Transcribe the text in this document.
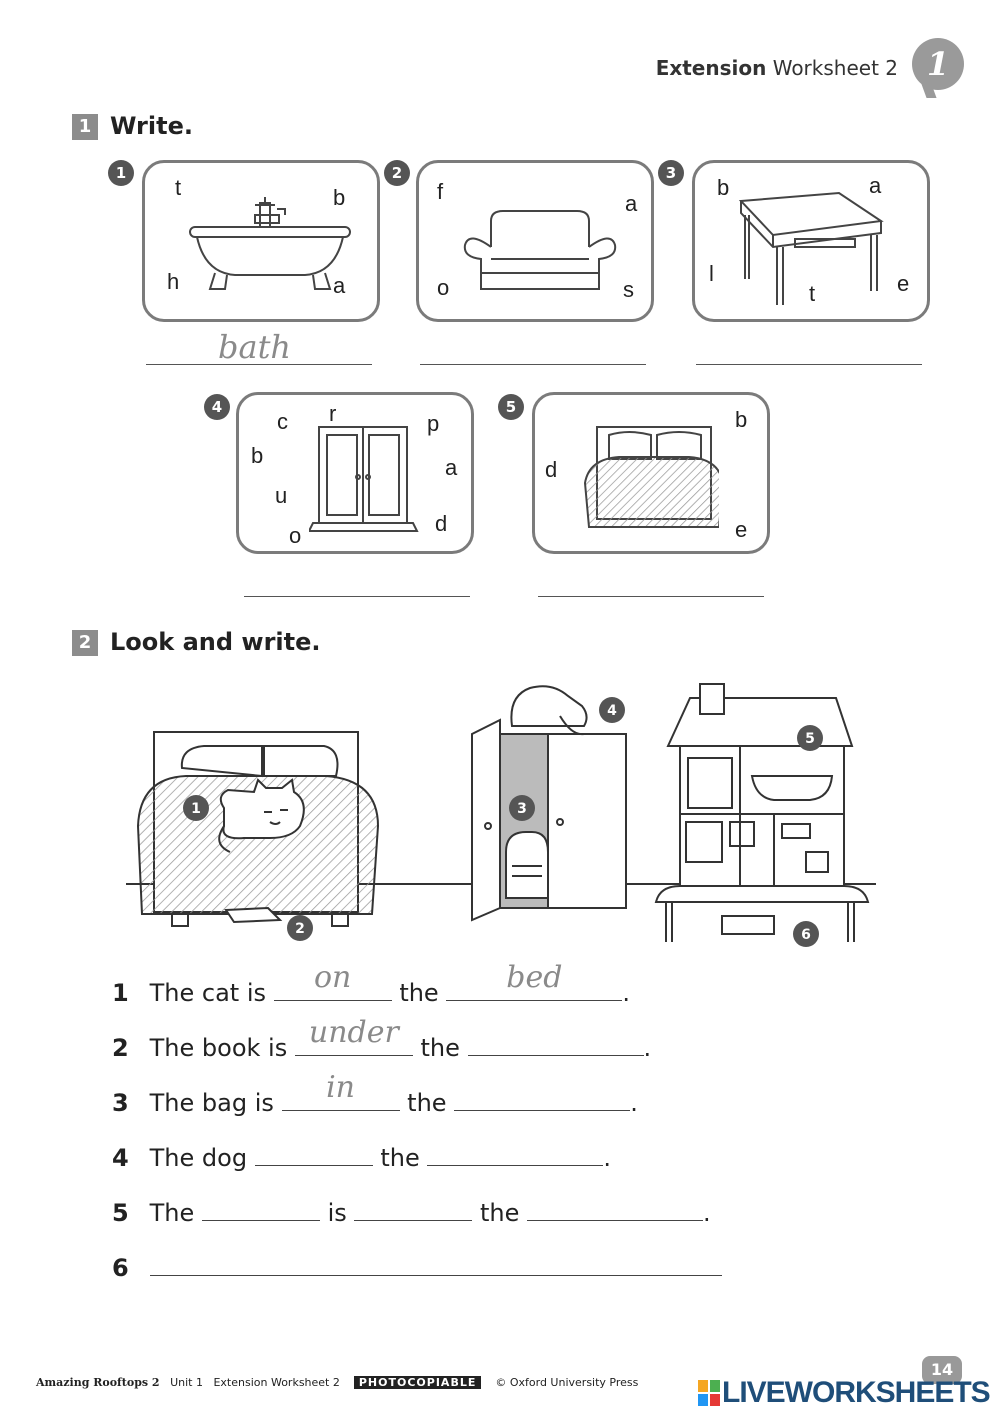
Extension Worksheet 2 1
1 Write.
1
t	b
h	a
bath
2
f	a
o	s
3
b	a
l
t	e
4
c r	p
b	a
u
o	d
5	b
d
e
2 Look and write.
1
2
3
4
5
6
1 The cat is	on	the	bed	.
2 The book is under the	.
3 The bag is	in	the	.
4 The dog	the	.
5 The	is	the	.
6
Amazing Rooftops 2 Unit 1 Extension Worksheet 2 PHOTOCOPIABLE © Oxford University Press
14
LIVEWORKSHEETS
